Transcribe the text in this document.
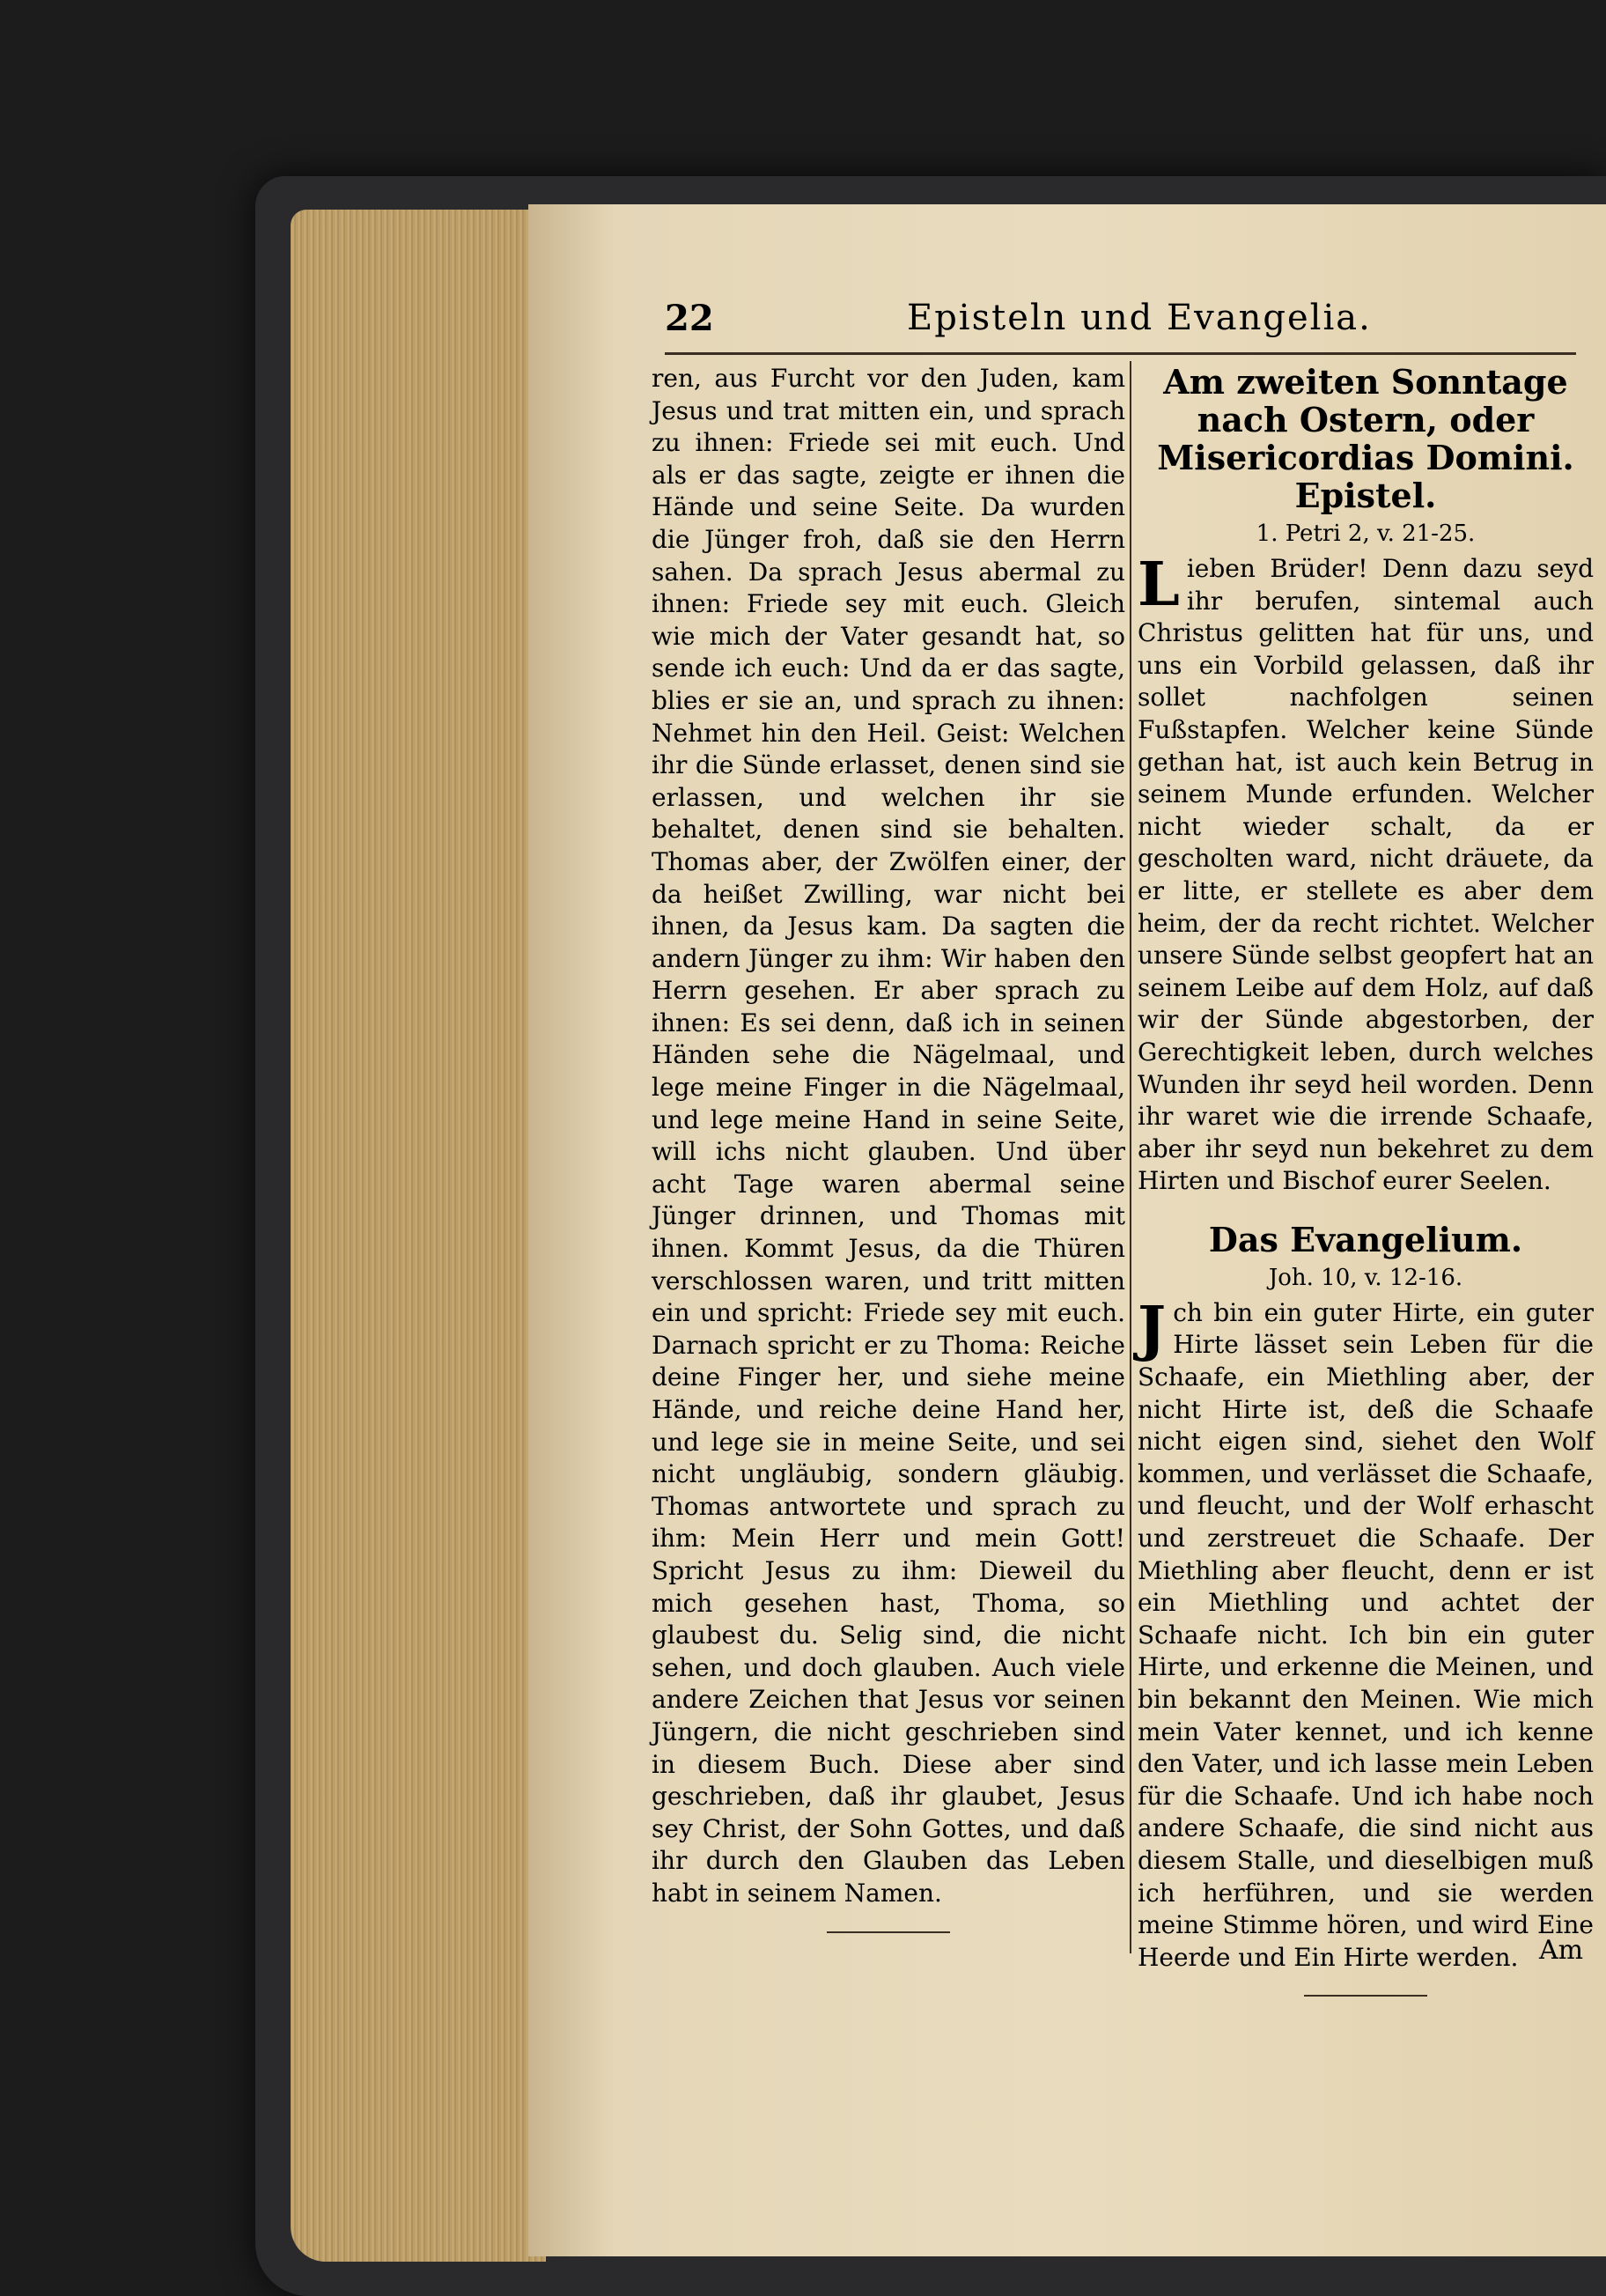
22	Episteln und Evangelia.

ren, aus Furcht vor den Juden, kam Jesus und trat mitten ein, und sprach zu ihnen: Friede sei mit euch. Und als er das sagte, zeigte er ihnen die Hände und seine Seite. Da wurden die Jünger froh, daß sie den Herrn sahen. Da sprach Jesus abermal zu ihnen: Friede sey mit euch. Gleich wie mich der Vater gesandt hat, so sende ich euch: Und da er das sagte, blies er sie an, und sprach zu ihnen: Nehmet hin den Heil. Geist: Welchen ihr die Sünde erlasset, denen sind sie erlassen, und welchen ihr sie behaltet, denen sind sie behalten. Thomas aber, der Zwölfen einer, der da heißet Zwilling, war nicht bei ihnen, da Jesus kam. Da sagten die andern Jünger zu ihm: Wir haben den Herrn gesehen. Er aber sprach zu ihnen: Es sei denn, daß ich in seinen Händen sehe die Nägelmaal, und lege meine Finger in die Nägelmaal, und lege meine Hand in seine Seite, will ichs nicht glauben. Und über acht Tage waren abermal seine Jünger drinnen, und Thomas mit ihnen. Kommt Jesus, da die Thüren verschlossen waren, und tritt mitten ein und spricht: Friede sey mit euch. Darnach spricht er zu Thoma: Reiche deine Finger her, und siehe meine Hände, und reiche deine Hand her, und lege sie in meine Seite, und sei nicht ungläubig, sondern gläubig. Thomas antwortete und sprach zu ihm: Mein Herr und mein Gott! Spricht Jesus zu ihm: Dieweil du mich gesehen hast, Thoma, so glaubest du. Selig sind, die nicht sehen, und doch glauben. Auch viele andere Zeichen that Jesus vor seinen Jüngern, die nicht geschrieben sind in diesem Buch. Diese aber sind geschrieben, daß ihr glaubet, Jesus sey Christ, der Sohn Gottes, und daß ihr durch den Glauben das Leben habt in seinem Namen.

Am zweiten Sonntage nach Ostern, oder Misericordias Domini. Epistel.
1. Petri 2, v. 21-25.

Lieben Brüder! Denn dazu seyd ihr berufen, sintemal auch Christus gelitten hat für uns, und uns ein Vorbild gelassen, daß ihr sollet nachfolgen seinen Fußstapfen. Welcher keine Sünde gethan hat, ist auch kein Betrug in seinem Munde erfunden. Welcher nicht wieder schalt, da er gescholten ward, nicht dräuete, da er litte, er stellete es aber dem heim, der da recht richtet. Welcher unsere Sünde selbst geopfert hat an seinem Leibe auf dem Holz, auf daß wir der Sünde abgestorben, der Gerechtigkeit leben, durch welches Wunden ihr seyd heil worden. Denn ihr waret wie die irrende Schaafe, aber ihr seyd nun bekehret zu dem Hirten und Bischof eurer Seelen.

Das Evangelium.
Joh. 10, v. 12-16.

Jch bin ein guter Hirte, ein guter Hirte lässet sein Leben für die Schaafe, ein Miethling aber, der nicht Hirte ist, deß die Schaafe nicht eigen sind, siehet den Wolf kommen, und verlässet die Schaafe, und fleucht, und der Wolf erhascht und zerstreuet die Schaafe. Der Miethling aber fleucht, denn er ist ein Miethling und achtet der Schaafe nicht. Ich bin ein guter Hirte, und erkenne die Meinen, und bin bekannt den Meinen. Wie mich mein Vater kennet, und ich kenne den Vater, und ich lasse mein Leben für die Schaafe. Und ich habe noch andere Schaafe, die sind nicht aus diesem Stalle, und dieselbigen muß ich herführen, und sie werden meine Stimme hören, und wird Eine Heerde und Ein Hirte werden. Am
